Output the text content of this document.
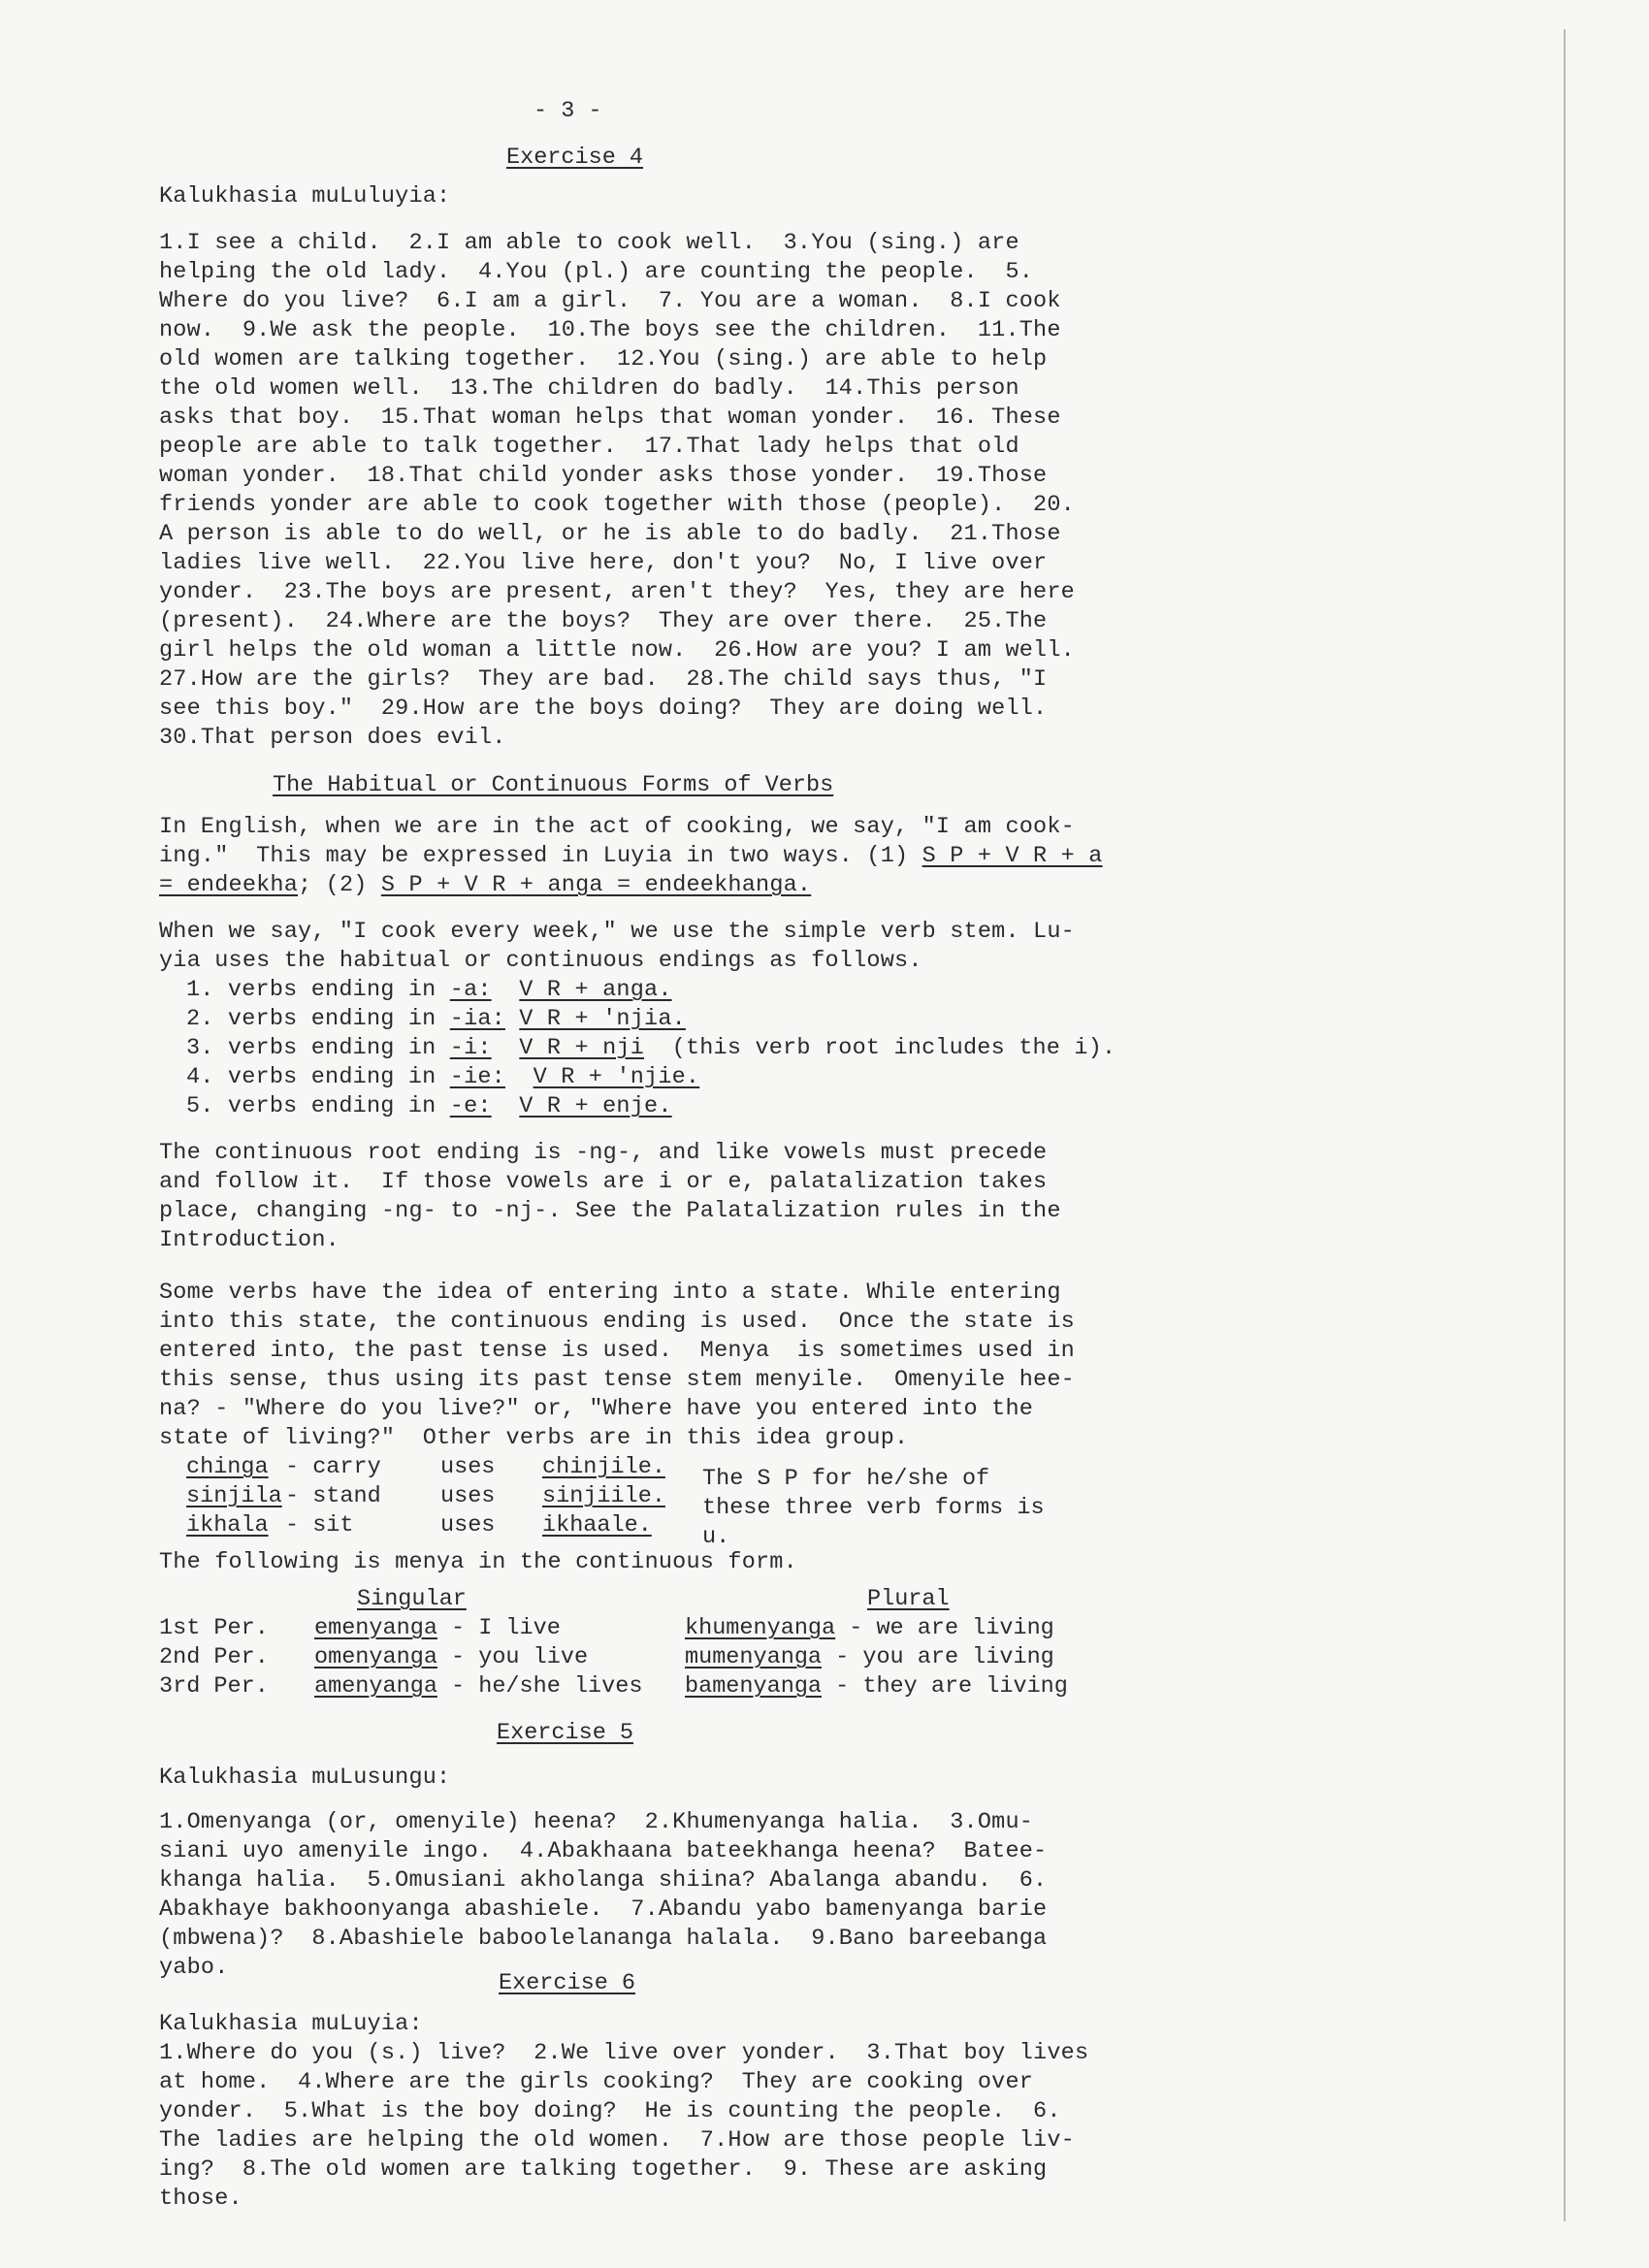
- 3 -
Exercise 4
Kalukhasia muLuluyia:
1.I see a child.  2.I am able to cook well.  3.You (sing.) are
helping the old lady.  4.You (pl.) are counting the people.  5.
Where do you live?  6.I am a girl.  7. You are a woman.  8.I cook
now.  9.We ask the people.  10.The boys see the children.  11.The
old women are talking together.  12.You (sing.) are able to help
the old women well.  13.The children do badly.  14.This person
asks that boy.  15.That woman helps that woman yonder.  16. These
people are able to talk together.  17.That lady helps that old
woman yonder.  18.That child yonder asks those yonder.  19.Those
friends yonder are able to cook together with those (people).  20.
A person is able to do well, or he is able to do badly.  21.Those
ladies live well.  22.You live here, don't you?  No, I live over
yonder.  23.The boys are present, aren't they?  Yes, they are here
(present).  24.Where are the boys?  They are over there.  25.The
girl helps the old woman a little now.  26.How are you? I am well.
27.How are the girls?  They are bad.  28.The child says thus, "I
see this boy."  29.How are the boys doing?  They are doing well.
30.That person does evil.
The Habitual or Continuous Forms of Verbs
In English, when we are in the act of cooking, we say, "I am cook-
ing."  This may be expressed in Luyia in two ways. (1) S P + V R + a
= endeekha; (2) S P + V R + anga = endeekhanga.
When we say, "I cook every week," we use the simple verb stem. Lu-
yia uses the habitual or continuous endings as follows.
1. verbs ending in -a: V R + anga.
2. verbs ending in -ia: V R + 'njia.
3. verbs ending in -i: V R + nji  (this verb root includes the i).
4. verbs ending in -ie: V R + 'njie.
5. verbs ending in -e: V R + enje.
The continuous root ending is -ng-, and like vowels must precede
and follow it.  If those vowels are i or e, palatalization takes
place, changing -ng- to -nj-. See the Palatalization rules in the
Introduction.
Some verbs have the idea of entering into a state. While entering
into this state, the continuous ending is used.  Once the state is
entered into, the past tense is used.  Menya  is sometimes used in
this sense, thus using its past tense stem menyile.  Omenyile hee-
na? - "Where do you live?" or, "Where have you entered into the
state of living?"  Other verbs are in this idea group.
chinga - carry	uses chinjile.
sinjila - stand	uses sinjiile.
ikhala - sit	uses ikhaale.
The S P for he/she of
these three verb forms is
u.
The following is menya in the continuous form.
Singular	Plural
1st Per. emenyanga - I live	khumenyanga - we are living
2nd Per. omenyanga - you live	mumenyanga - you are living
3rd Per. amenyanga - he/she lives bamenyanga - they are living
Exercise 5
Kalukhasia muLusungu:
1.Omenyanga (or, omenyile) heena?  2.Khumenyanga halia.  3.Omu-
siani uyo amenyile ingo.  4.Abakhaana bateekhanga heena?  Batee-
khanga halia.  5.Omusiani akholanga shiina? Abalanga abandu.  6.
Abakhaye bakhoonyanga abashiele.  7.Abandu yabo bamenyanga barie
(mbwena)?  8.Abashiele baboolelananga halala.  9.Bano bareebanga
yabo.
Exercise 6
Kalukhasia muLuyia:
1.Where do you (s.) live?  2.We live over yonder.  3.That boy lives
at home.  4.Where are the girls cooking?  They are cooking over
yonder.  5.What is the boy doing?  He is counting the people.  6.
The ladies are helping the old women.  7.How are those people liv-
ing?  8.The old women are talking together.  9. These are asking
those.
